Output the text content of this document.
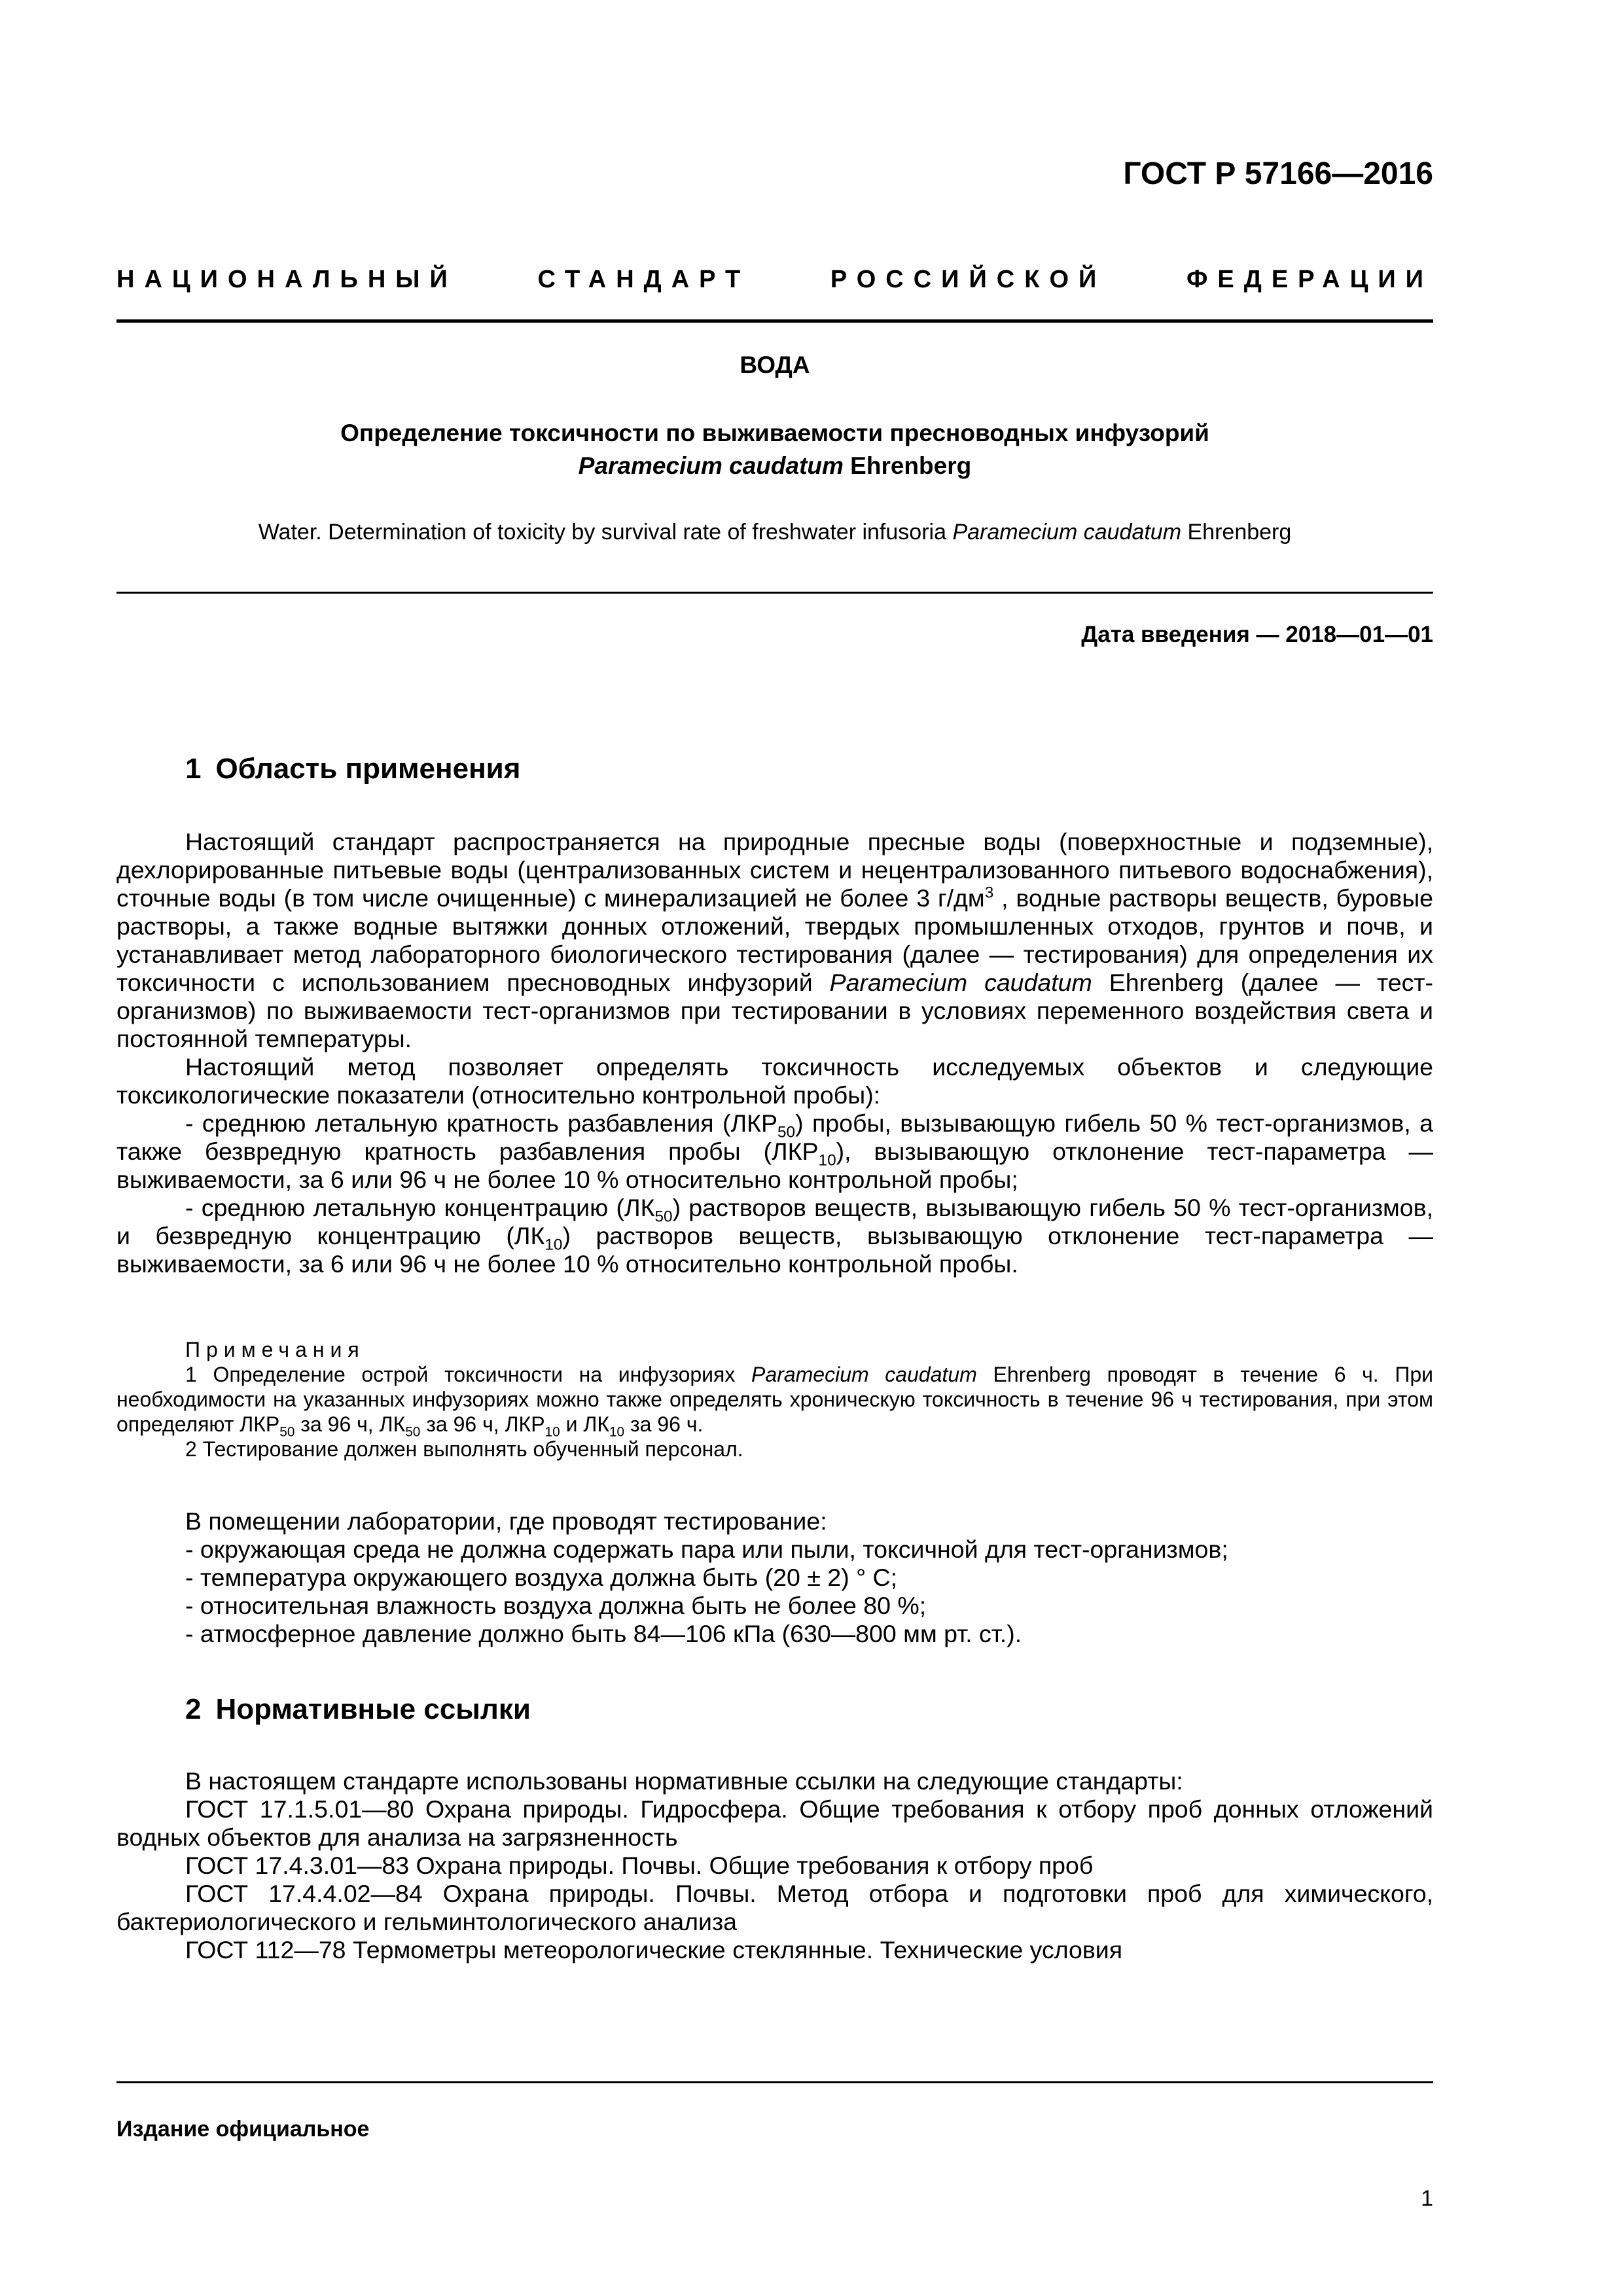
ГОСТ Р 57166—2016
НАЦИОНАЛЬНЫЙ	СТАНДАРТ	РОССИЙСКОЙ	ФЕДЕРАЦИИ
ВОДА
Определение токсичности по выживаемости пресноводных инфузорий
Paramecium caudatum Ehrenberg
Water. Determination of toxicity by survival rate of freshwater infusoria Paramecium caudatum Ehrenberg
Дата введения — 2018—01—01
1 Область применения

Настоящий стандарт распространяется на природные пресные воды (поверхностные и подземные), дехлорированные питьевые воды (централизованных систем и нецентрализованного питьевого водоснабжения), сточные воды (в том числе очищенные) с минерализацией не более 3 $г/дм^3$ , водные растворы веществ, буровые растворы, а также водные вытяжки донных отложений, твердых промышленных отходов, грунтов и почв, и устанавливает метод лабораторного биологического тестирования (далее — тестирования) для определения их токсичности с использованием пресноводных инфузорий Paramecium caudatum Ehrenberg (далее — тест-организмов) по выживаемости тест-организмов при тестировании в условиях переменного воздействия света и постоянной температуры.

Настоящий метод позволяет определять токсичность исследуемых объектов и следующие токсикологические показатели (относительно контрольной пробы):

- среднюю летальную кратность разбавления $(ЛКР_{50})$ пробы, вызывающую гибель 50 % тест-организмов, а также безвредную кратность разбавления пробы $(ЛКР_{10})$, вызывающую отклонение тест-параметра — выживаемости, за 6 или 96 ч не более 10 % относительно контрольной пробы;

- среднюю летальную концентрацию $(ЛК_{50})$ растворов веществ, вызывающую гибель 50 % тест-организмов, и безвредную концентрацию $(ЛК_{10})$ растворов веществ, вызывающую отклонение тест-параметра — выживаемости, за 6 или 96 ч не более 10 % относительно контрольной пробы.

Примечания

1 Определение острой токсичности на инфузориях Paramecium caudatum Ehrenberg проводят в течение 6 ч. При необходимости на указанных инфузориях можно также определять хроническую токсичность в течение 96 ч тестирования, при этом определяют $ЛКР_{50}$ за 96 ч, $ЛК_{50}$ за 96 ч, $ЛКР_{10}$ и $ЛК_{10}$ за 96 ч.

2 Тестирование должен выполнять обученный персонал.

В помещении лаборатории, где проводят тестирование:

- окружающая среда не должна содержать пара или пыли, токсичной для тест-организмов;

- температура окружающего воздуха должна быть (20 ± 2) ° C;

- относительная влажность воздуха должна быть не более 80 %;

- атмосферное давление должно быть 84—106 кПа (630—800 мм рт. ст.).

2 Нормативные ссылки

В настоящем стандарте использованы нормативные ссылки на следующие стандарты:

ГОСТ 17.1.5.01—80 Охрана природы. Гидросфера. Общие требования к отбору проб донных отложений водных объектов для анализа на загрязненность

ГОСТ 17.4.3.01—83 Охрана природы. Почвы. Общие требования к отбору проб

ГОСТ 17.4.4.02—84 Охрана природы. Почвы. Метод отбора и подготовки проб для химического, бактериологического и гельминтологического анализа

ГОСТ 112—78 Термометры метеорологические стеклянные. Технические условия

Издание официальное
1
